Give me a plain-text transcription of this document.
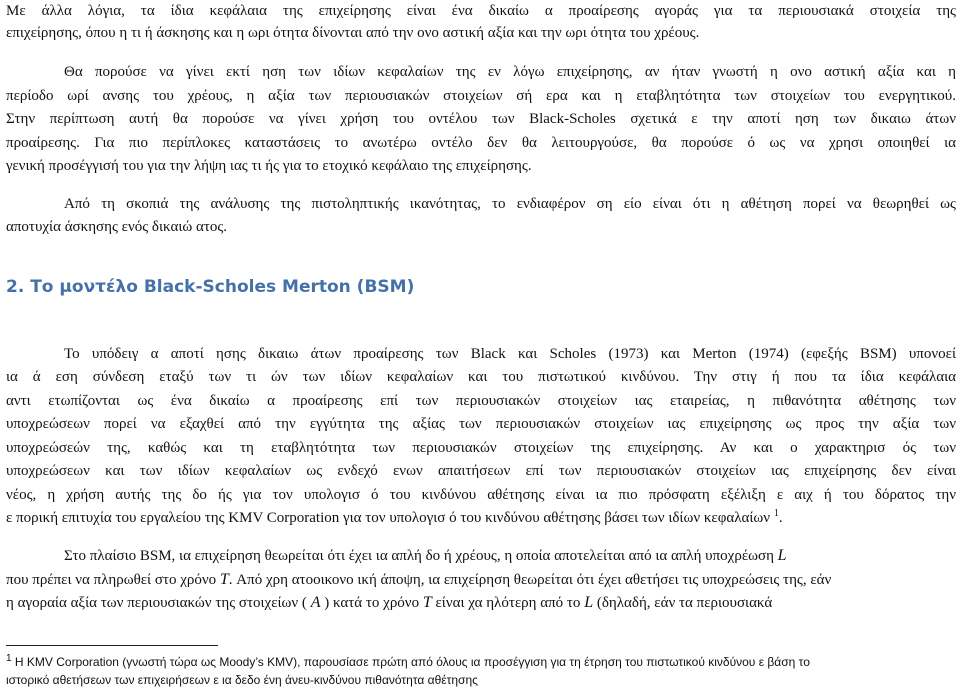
Με άλλα λόγια, τα ίδια κεφάλαια της επιχείρησης είναι ένα δικαίω α προαίρεσης αγοράς για τα περιουσιακά στοιχεία της
επιχείρησης, όπου η τι ή άσκησης και η ωρι ότητα δίνονται από την ονο αστική αξία και την ωρι ότητα του χρέους.
Θα πορούσε να γίνει εκτί ηση των ιδίων κεφαλαίων της εν λόγω επιχείρησης, αν ήταν γνωστή η ονο αστική αξία και η
περίοδο ωρί ανσης του χρέους, η αξία των περιουσιακών στοιχείων σή ερα και η εταβλητότητα των στοιχείων του ενεργητικού.
Στην περίπτωση αυτή θα πορούσε να γίνει χρήση του οντέλου των Black-Scholes σχετικά ε την αποτί ηση των δικαιω άτων
προαίρεσης. Για πιο περίπλοκες καταστάσεις το ανωτέρω οντέλο δεν θα λειτουργούσε, θα πορούσε ό ως να χρησι οποιηθεί ια
γενική προσέγγισή του για την λήψη ιας τι ής για το ετοχικό κεφάλαιο της επιχείρησης.
Από τη σκοπιά της ανάλυσης της πιστοληπτικής ικανότητας, το ενδιαφέρον ση είο είναι ότι η αθέτηση πορεί να θεωρηθεί ως
αποτυχία άσκησης ενός δικαιώ ατος.
2. Το μοντέλο Black-Scholes Merton (BSM)
Το υπόδειγ α αποτί ησης δικαιω άτων προαίρεσης των Black και Scholes (1973) και Merton (1974) (εφεξής BSM) υπονοεί
ια ά εση σύνδεση εταξύ των τι ών των ιδίων κεφαλαίων και του πιστωτικού κινδύνου. Την στιγ ή που τα ίδια κεφάλαια
αντι ετωπίζονται ως ένα δικαίω α προαίρεσης επί των περιουσιακών στοιχείων ιας εταιρείας, η πιθανότητα αθέτησης των
υποχρεώσεων πορεί να εξαχθεί από την εγγύτητα της αξίας των περιουσιακών στοιχείων ιας επιχείρησης ως προς την αξία των
υποχρεώσεών της, καθώς και τη εταβλητότητα των περιουσιακών στοιχείων της επιχείρησης. Αν και ο χαρακτηρισ ός των
υποχρεώσεων και των ιδίων κεφαλαίων ως ενδεχό ενων απαιτήσεων επί των περιουσιακών στοιχείων ιας επιχείρησης δεν είναι
νέος, η χρήση αυτής της δο ής για τον υπολογισ ό του κινδύνου αθέτησης είναι ια πιο πρόσφατη εξέλιξη ε αιχ ή του δόρατος την
ε πορική επιτυχία του εργαλείου της KMV Corporation για τον υπολογισ ό του κινδύνου αθέτησης βάσει των ιδίων κεφαλαίων $^1$.
Στο πλαίσιο BSM, ια επιχείρηση θεωρείται ότι έχει ια απλή δο ή χρέους, η οποία αποτελείται από ια απλή υποχρέωση L
που πρέπει να πληρωθεί στο χρόνο T. Από χρη ατοοικονο ική άποψη, ια επιχείρηση θεωρείται ότι έχει αθετήσει τις υποχρεώσεις της, εάν
η αγοραία αξία των περιουσιακών της στοιχείων ( A ) κατά το χρόνο T είναι χα ηλότερη από το L (δηλαδή, εάν τα περιουσιακά
$^1$ Η KMV Corporation (γνωστή τώρα ως Moody’s KMV), παρουσίασε πρώτη από όλους ια προσέγγιση για τη έτρηση του πιστωτικού κινδύνου ε βάση το
ιστορικό αθετήσεων των επιχειρήσεων ε ια δεδο ένη άνευ-κινδύνου πιθανότητα αθέτησης
